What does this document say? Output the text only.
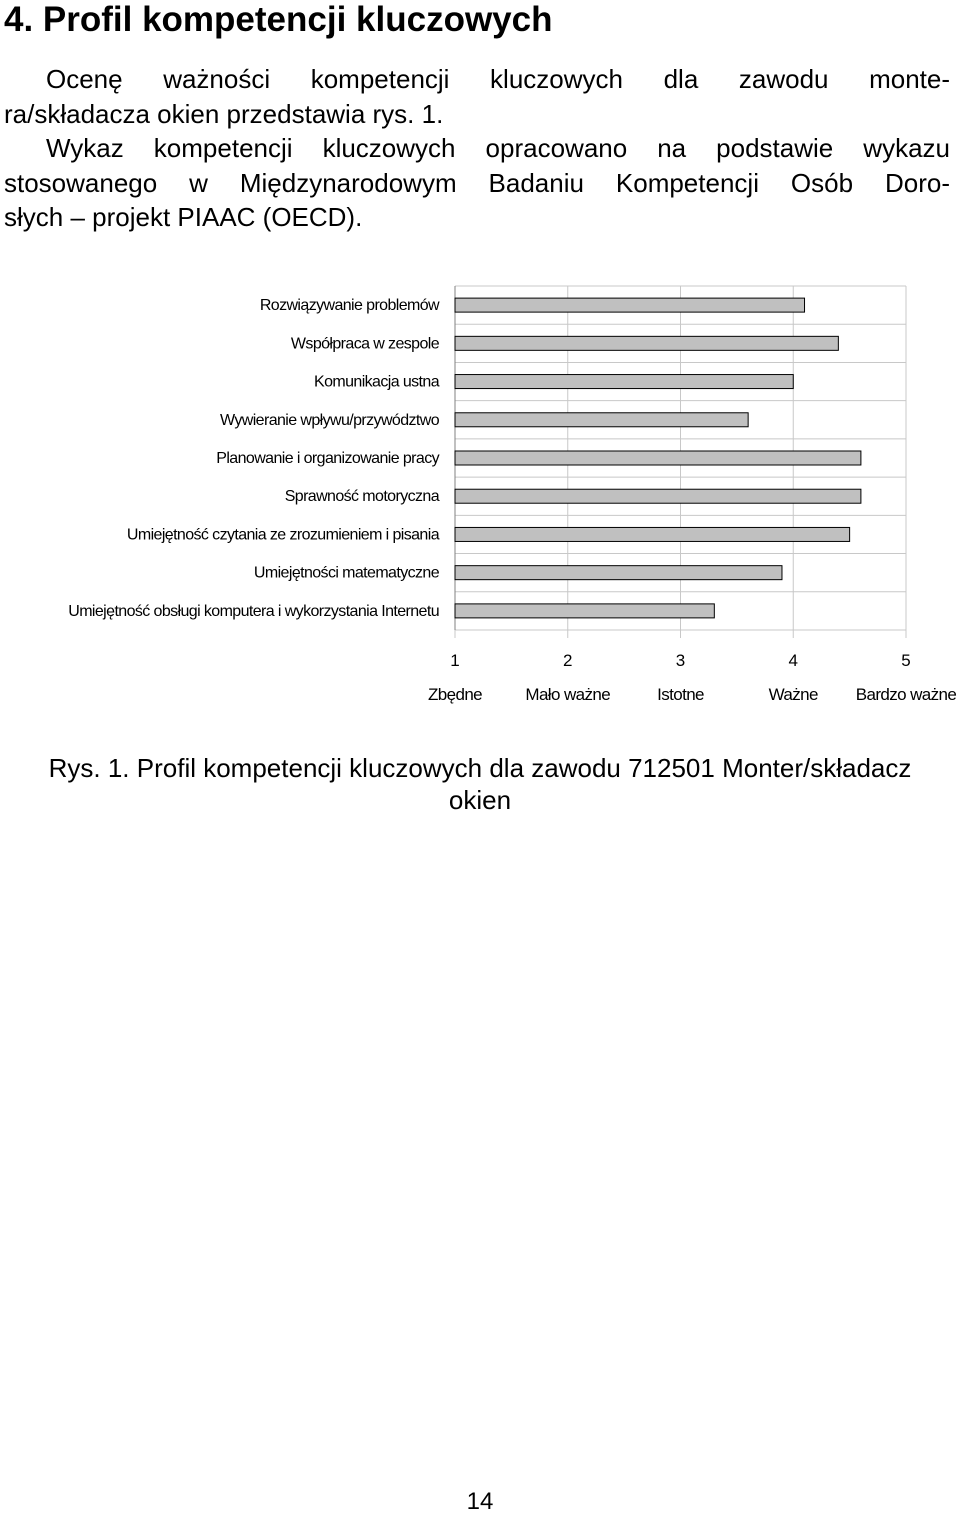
4. Profil kompetencji kluczowych

Ocenę ważności kompetencji kluczowych dla zawodu monte-
ra/składacza okien przedstawia rys. 1.

Wykaz kompetencji kluczowych opracowano na podstawie wykazu
stosowanego w Międzynarodowym Badaniu Kompetencji Osób Doro-
słych – projekt PIAAC (OECD).

Rozwiązywanie problemów
Współpraca w zespole
Komunikacja ustna
Wywieranie wpływu/przywództwo
Planowanie i organizowanie pracy
Sprawność motoryczna
Umiejętność czytania ze zrozumieniem i pisania
Umiejętności matematyczne
Umiejętność obsługi komputera i wykorzystania Internetu
1	2	3	4	5
Zbędne	Mało ważne	Istotne	Ważne Bardzo ważne

Rys. 1. Profil kompetencji kluczowych dla zawodu 712501 Monter/składacz
okien

14
